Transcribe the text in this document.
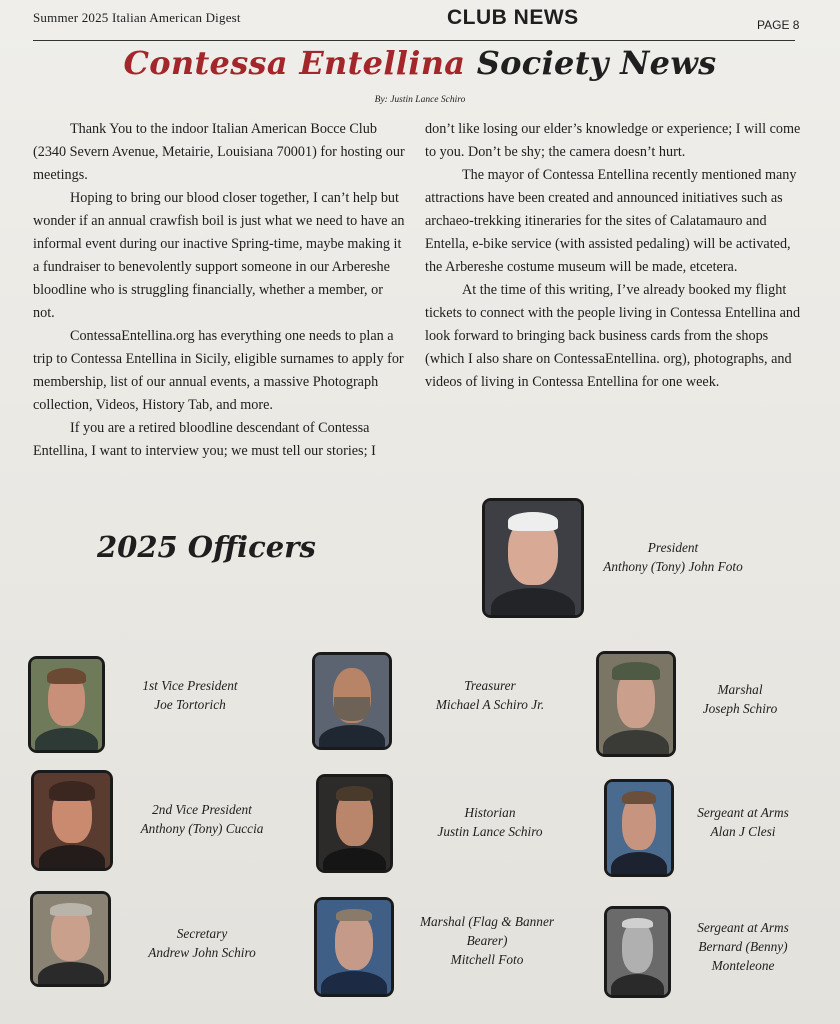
Summer 2025 Italian American Digest	CLUB NEWS	PAGE 8
Contessa Entellina Society News
By: Justin Lance Schiro

Thank You to the indoor Italian American Bocce Club (2340 Severn Avenue, Metairie, Louisiana 70001) for hosting our meetings.

Hoping to bring our blood closer together, I can’t help but wonder if an annual crawfish boil is just what we need to have an informal event during our inactive Spring-time, maybe making it a fundraiser to benevolently support someone in our Arbereshe bloodline who is struggling financially, whether a member, or not.

ContessaEntellina.org has everything one needs to plan a trip to Contessa Entellina in Sicily, eligible surnames to apply for membership, list of our annual events, a massive Photograph collection, Videos, History Tab, and more.

If you are a retired bloodline descendant of Contessa Entellina, I want to interview you; we must tell our stories; I

don’t like losing our elder’s knowledge or experience; I will come to you. Don’t be shy; the camera doesn’t hurt.

The mayor of Contessa Entellina recently mentioned many attractions have been created and announced initiatives such as archaeo-trekking itineraries for the sites of Calatamauro and Entella, e-bike service (with assisted pedaling) will be activated, the Arbereshe costume museum will be made, etcetera.

At the time of this writing, I’ve already booked my flight tickets to connect with the people living in Contessa Entellina and look forward to bringing back business cards from the shops (which I also share on ContessaEntellina. org), photographs, and videos of living in Contessa Entellina for one week.

2025 Officers	President
Anthony (Tony) John Foto
1st Vice President
Joe Tortorich
Treasurer
Michael A Schiro Jr.
Marshal
Joseph Schiro
2nd Vice President
Anthony (Tony) Cuccia
Historian
Justin Lance Schiro
Sergeant at Arms
Alan J Clesi
Secretary
Andrew John Schiro
Marshal (Flag & Banner
Bearer)
Mitchell Foto
Sergeant at Arms
Bernard (Benny)
Monteleone
